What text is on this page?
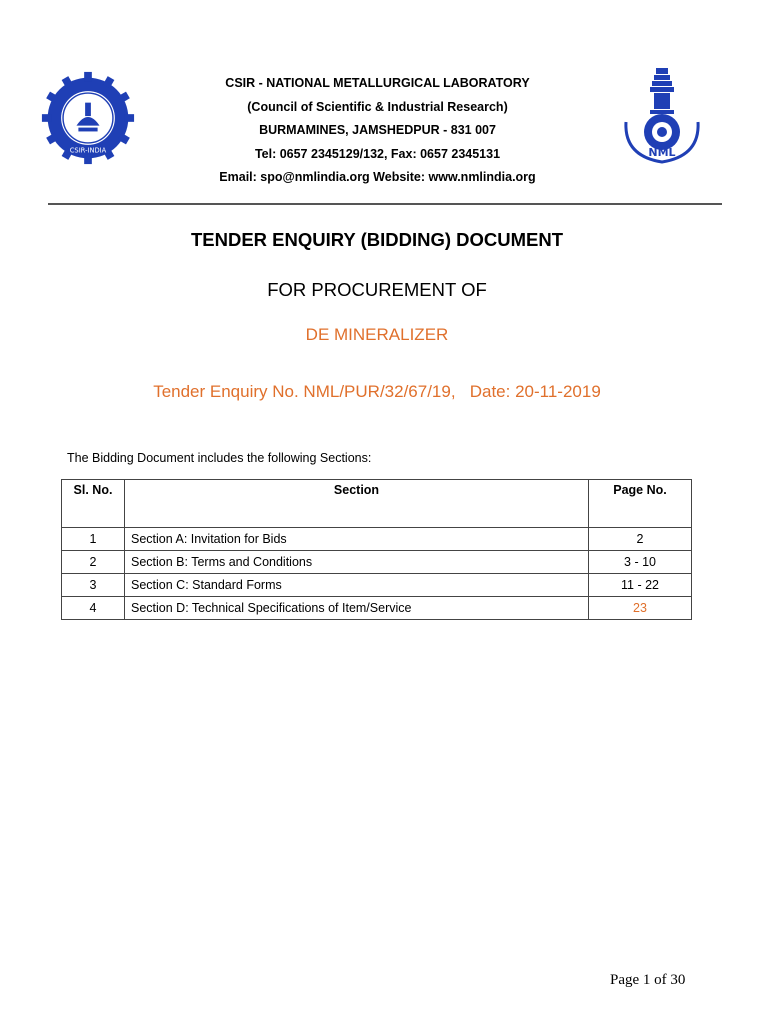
CSIR-INDIA
CSIR - NATIONAL METALLURGICAL LABORATORY
(Council of Scientific & Industrial Research)
BURMAMINES, JAMSHEDPUR - 831 007
Tel: 0657 2345129/132, Fax: 0657 2345131
Email: spo@nmlindia.org Website: www.nmlindia.org
NML
TENDER ENQUIRY (BIDDING) DOCUMENT
FOR PROCUREMENT OF
DE MINERALIZER
Tender Enquiry No. NML/PUR/32/67/19,   Date: 20-11-2019
The Bidding Document includes the following Sections:
Sl. No.	Section	Page No.
1	Section A: Invitation for Bids	2
2	Section B: Terms and Conditions	3 - 10
3	Section C: Standard Forms	11 - 22
4	Section D: Technical Specifications of Item/Service	23
Page 1 of 30
